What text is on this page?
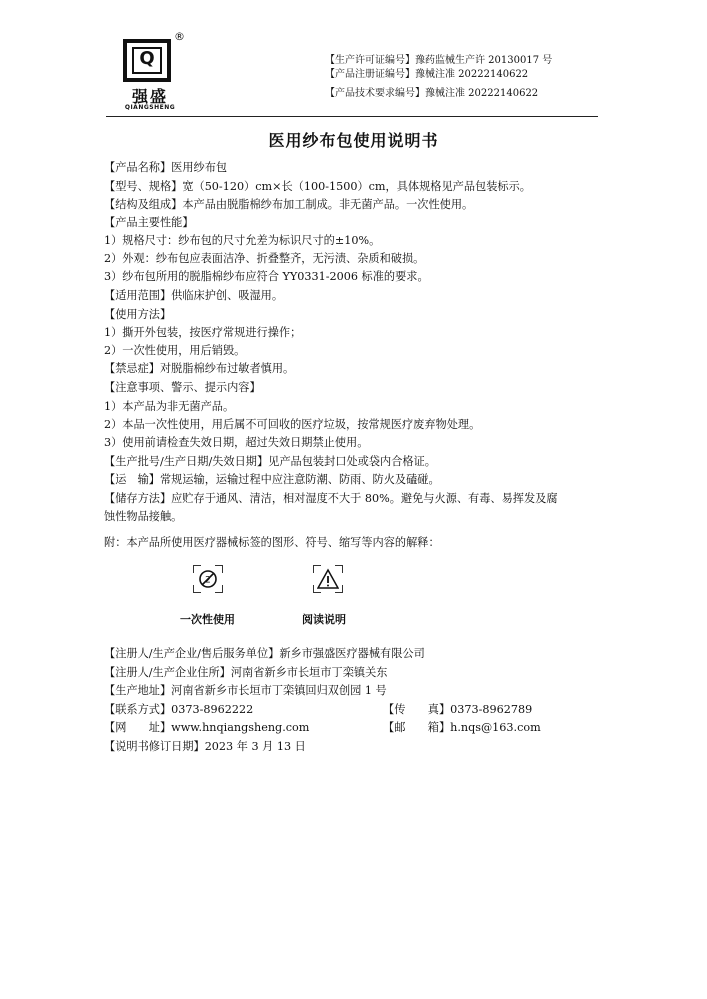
Q
®
强盛
QIANGSHENG
【生产许可证编号】豫药监械生产许 20130017 号
【产品注册证编号】豫械注准 20222140622
【产品技术要求编号】豫械注准 20222140622
医用纱布包使用说明书
【产品名称】医用纱布包
【型号、规格】宽（50-120）cm×长（100-1500）cm，具体规格见产品包装标示。
【结构及组成】本产品由脱脂棉纱布加工制成。非无菌产品。一次性使用。
【产品主要性能】
1）规格尺寸：纱布包的尺寸允差为标识尺寸的±10%。
2）外观：纱布包应表面洁净、折叠整齐，无污渍、杂质和破损。
3）纱布包所用的脱脂棉纱布应符合 YY0331-2006 标准的要求。
【适用范围】供临床护创、吸湿用。
【使用方法】
1）撕开外包装，按医疗常规进行操作；
2）一次性使用，用后销毁。
【禁忌症】对脱脂棉纱布过敏者慎用。
【注意事项、警示、提示内容】
1）本产品为非无菌产品。
2）本品一次性使用，用后属不可回收的医疗垃圾，按常规医疗废弃物处理。
3）使用前请检查失效日期，超过失效日期禁止使用。
【生产批号/生产日期/失效日期】见产品包装封口处或袋内合格证。
【运　输】常规运输，运输过程中应注意防潮、防雨、防火及磕碰。
【储存方法】应贮存于通风、清洁，相对湿度不大于 80%。避免与火源、有毒、易挥发及腐
蚀性物品接触。
附：本产品所使用医疗器械标签的图形、符号、缩写等内容的解释：
2
一次性使用	阅读说明
【注册人/生产企业/售后服务单位】新乡市强盛医疗器械有限公司
【注册人/生产企业住所】河南省新乡市长垣市丁栾镇关东
【生产地址】河南省新乡市长垣市丁栾镇回归双创园 1 号
【联系方式】0373-8962222	【传　　真】0373-8962789
【网　　址】www.hnqiangsheng.com	【邮　　箱】h.nqs@163.com
【说明书修订日期】2023 年 3 月 13 日
